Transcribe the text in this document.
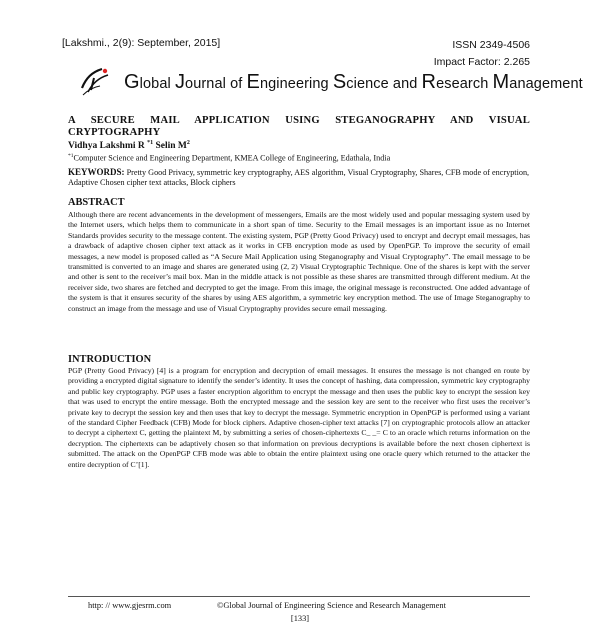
[Lakshmi., 2(9): September, 2015]	ISSN 2349-4506
Impact Factor: 2.265
Global Journal of Engineering Science and Research Management
A SECURE MAIL APPLICATION USING STEGANOGRAPHY AND VISUAL CRYPTOGRAPHY
Vidhya Lakshmi R $^{*1}$ Selin $M^2$
$^{*1}$Computer Science and Engineering Department, KMEA College of Engineering, Edathala, India
KEYWORDS: Pretty Good Privacy, symmetric key cryptography, AES algorithm, Visual Cryptography, Shares, CFB mode of encryption, Adaptive Chosen cipher text attacks, Block ciphers
ABSTRACT

Although there are recent advancements in the development of messengers, Emails are the most widely used and popular messaging system used by the Internet users, which helps them to communicate in a short span of time. Security to the Email messages is an important issue as no Internet Standards provides security to the message content. The existing system, PGP (Pretty Good Privacy) used to encrypt and decrypt email messages, has a drawback of adaptive chosen cipher text attack as it works in CFB encryption mode as used by OpenPGP. To improve the security of email messages, a new model is proposed called as “A Secure Mail Application using Steganography and Visual Cryptography”. The email message to be transmitted is converted to an image and shares are generated using (2, 2) Visual Cryptographic Technique. One of the shares is kept with the server and other is sent to the receiver’s mail box. Man in the middle attack is not possible as these shares are transmitted through different medium. At the receiver side, two shares are fetched and decrypted to get the image. From this image, the original message is reconstructed. One added advantage of the system is that it ensures security of the shares by using AES algorithm, a symmetric key encryption method. The use of Image Steganography to construct an image from the message and use of Visual Cryptography provides secure email messaging.

INTRODUCTION

PGP (Pretty Good Privacy) [4] is a program for encryption and decryption of email messages. It ensures the message is not changed en route by providing a encrypted digital signature to identify the sender’s identity. It uses the concept of hashing, data compression, symmetric key cryptography and public key cryptography. PGP uses a faster encryption algorithm to encrypt the message and then uses the public key to encrypt the session key that was used to encrypt the entire message. Both the encrypted message and the session key are sent to the receiver who first uses the receiver’s private key to decrypt the session key and then uses that key to decrypt the message. Symmetric encryption in OpenPGP is performed using a variant of the standard Cipher Feedback (CFB) Mode for block ciphers. Adaptive chosen-cipher text attacks [7] on cryptographic protocols allow an attacker to decrypt a ciphertext C, getting the plaintext M, by submitting a series of chosen-ciphertexts C_ _= C to an oracle which returns information on the decryption. The ciphertexts can be adaptively chosen so that information on previous decryptions is available before the next chosen ciphertext is submitted. The attack on the OpenPGP CFB mode was able to obtain the entire plaintext using one oracle query which returned to the attacker the entire decryption of C’[1].

http: // www.gjesrm.com	©Global Journal of Engineering Science and Research Management
[133]
